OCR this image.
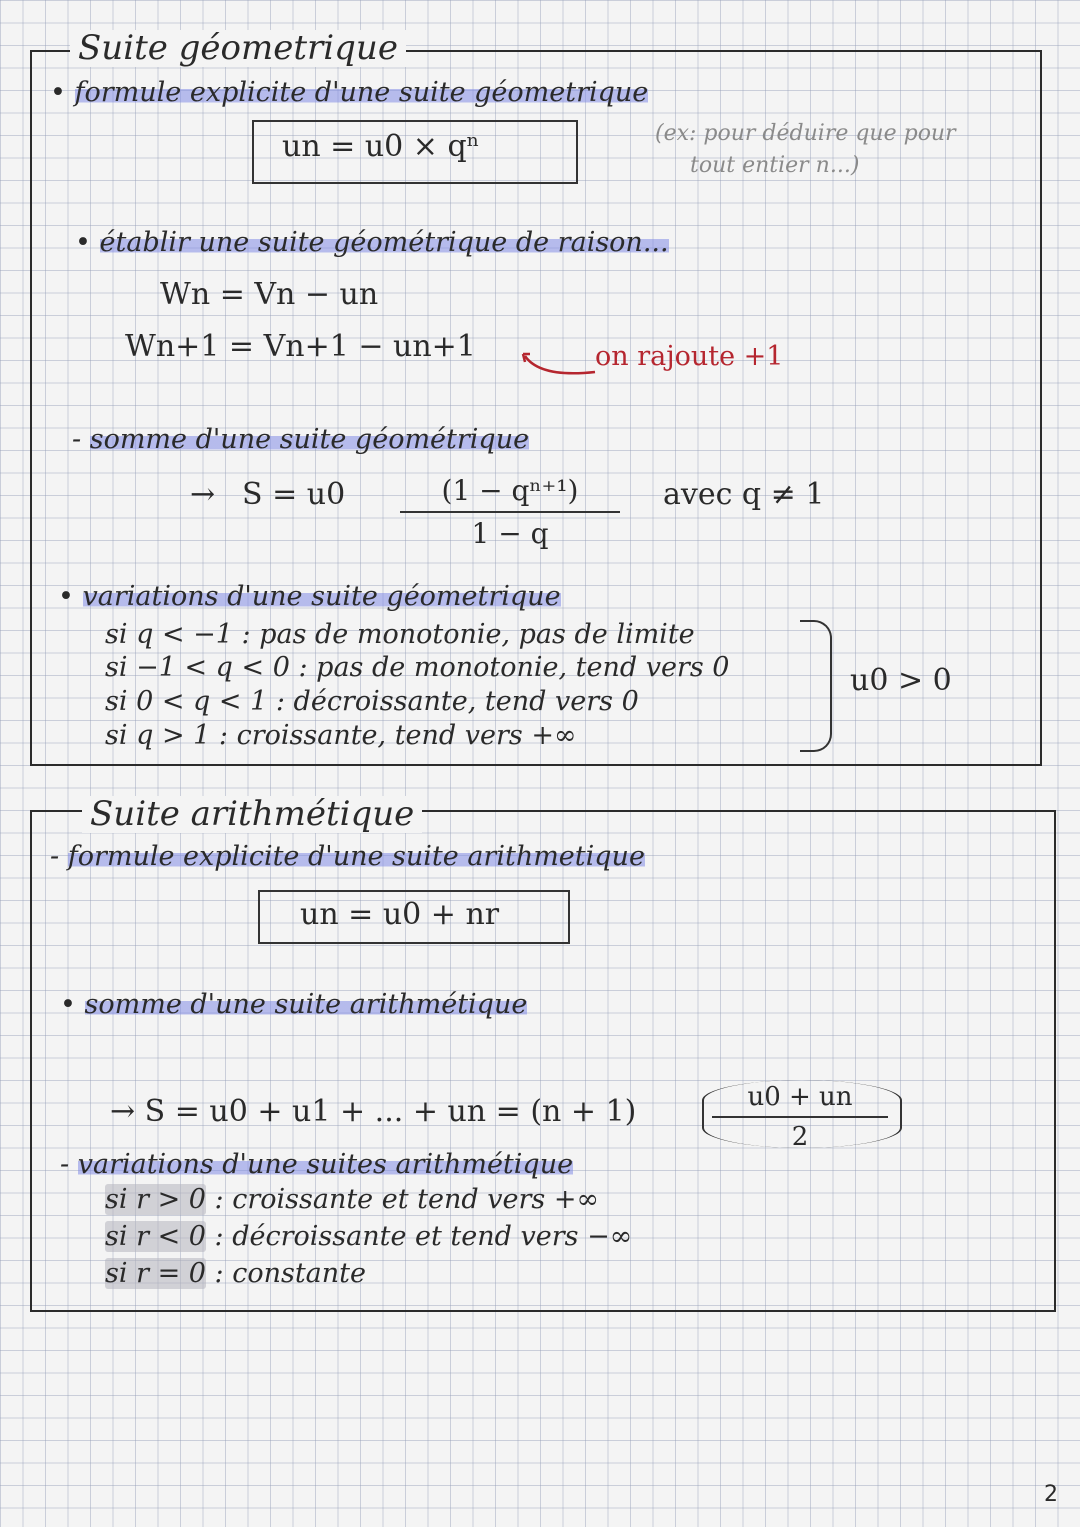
Suite géometrique
• formule explicite d'une suite géometrique
un = u0 × qⁿ	(ex: pour déduire que pour
tout entier n...)
• établir une suite géométrique de raison...
Wn = Vn − un
Wn+1 = Vn+1 − un+1	on rajoute +1
- somme d'une suite géométrique
→ S = u0	(1 − qⁿ⁺¹)
1 − q
avec q ≠ 1
• variations d'une suite géometrique
si q < −1 : pas de monotonie, pas de limite
si −1 < q < 0 : pas de monotonie, tend vers 0
si 0 < q < 1 : décroissante, tend vers 0
si q > 1 : croissante, tend vers +∞
u0 > 0
Suite arithmétique
- formule explicite d'une suite arithmetique
un = u0 + nr
• somme d'une suite arithmétique
→ S = u0 + u1 + ... + un = (n + 1)	u0 + un
2
- variations d'une suites arithmétique
si r > 0 : croissante et tend vers +∞
si r < 0 : décroissante et tend vers −∞
si r = 0 : constante
2
